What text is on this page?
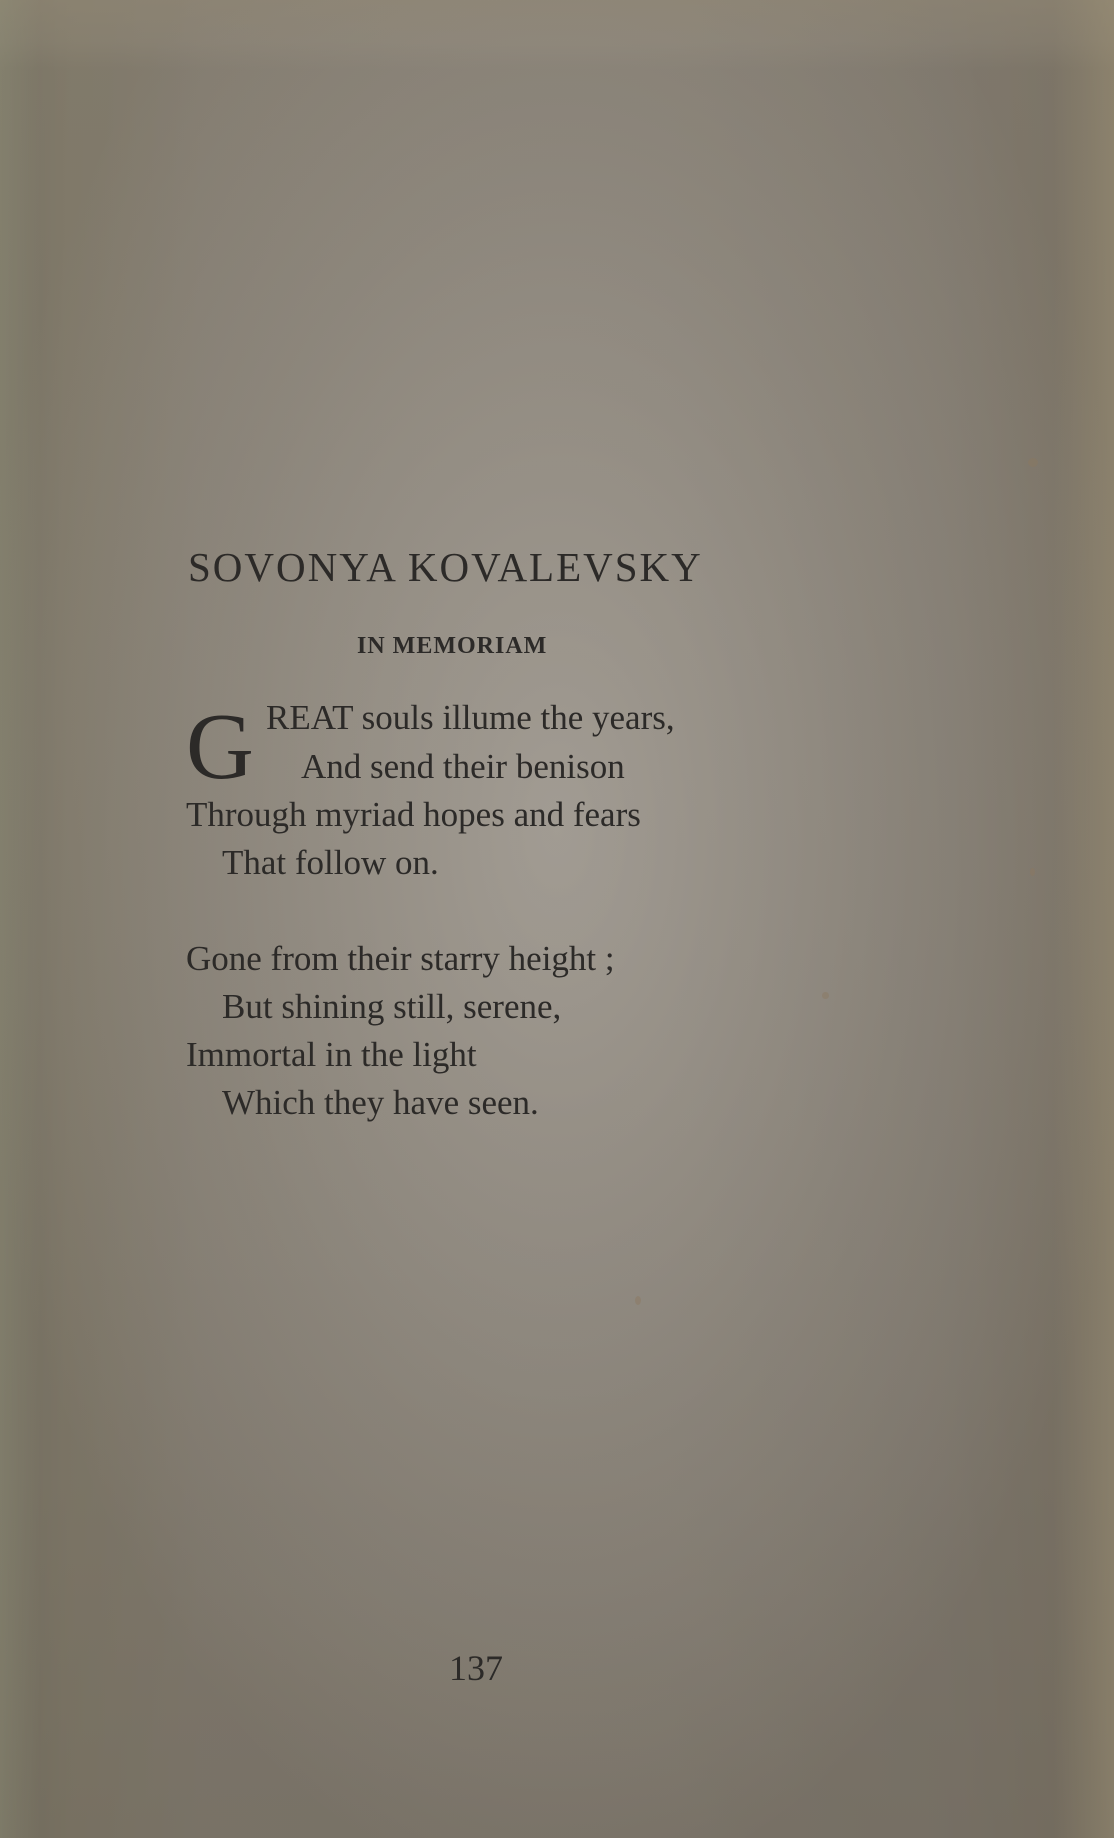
SOVONYA KOVALEVSKY
IN MEMORIAM
G REAT souls illume the years,
And send their benison
Through myriad hopes and fears
That follow on.
Gone from their starry height ;
But shining still, serene,
Immortal in the light
Which they have seen.
137
